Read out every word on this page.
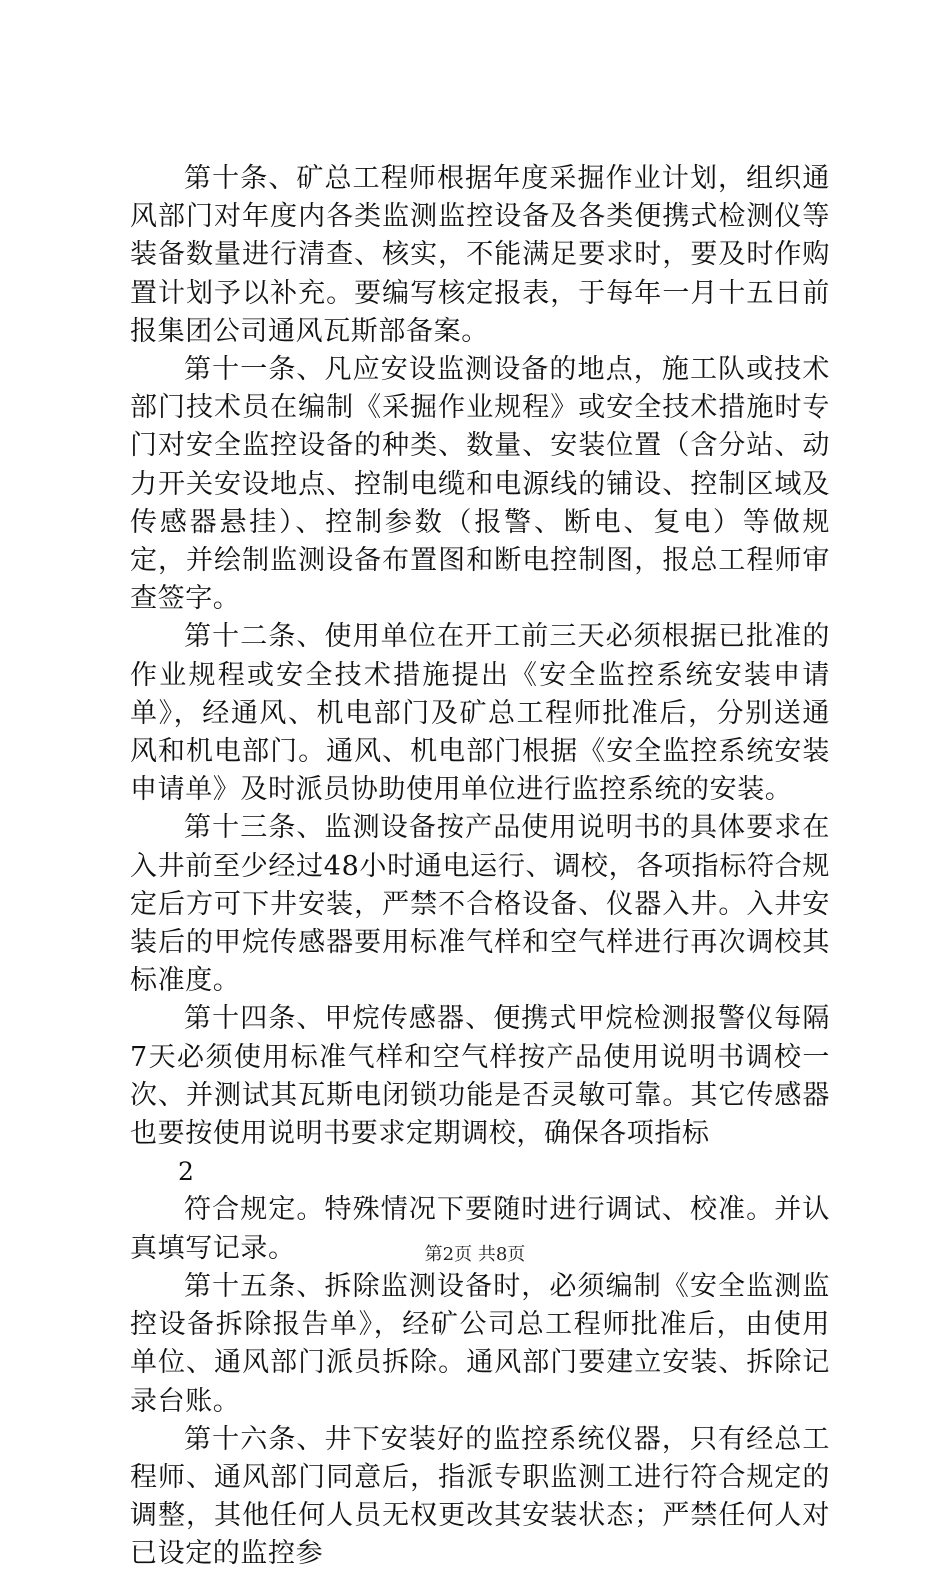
第十条、矿总工程师根据年度采掘作业计划，组织通风部门对年度内各类监测监控设备及各类便携式检测仪等装备数量进行清查、核实，不能满足要求时，要及时作购置计划予以补充。要编写核定报表，于每年一月十五日前报集团公司通风瓦斯部备案。

第十一条、凡应安设监测设备的地点，施工队或技术部门技术员在编制《采掘作业规程》或安全技术措施时专门对安全监控设备的种类、数量、安装位置（含分站、动力开关安设地点、控制电缆和电源线的铺设、控制区域及传感器悬挂）、控制参数（报警、断电、复电）等做规定，并绘制监测设备布置图和断电控制图，报总工程师审查签字。

第十二条、使用单位在开工前三天必须根据已批准的作业规程或安全技术措施提出《安全监控系统安装申请单》，经通风、机电部门及矿总工程师批准后，分别送通风和机电部门。通风、机电部门根据《安全监控系统安装申请单》及时派员协助使用单位进行监控系统的安装。

第十三条、监测设备按产品使用说明书的具体要求在入井前至少经过48小时通电运行、调校，各项指标符合规定后方可下井安装，严禁不合格设备、仪器入井。入井安装后的甲烷传感器要用标准气样和空气样进行再次调校其标准度。

第十四条、甲烷传感器、便携式甲烷检测报警仪每隔7天必须使用标准气样和空气样按产品使用说明书调校一次、并测试其瓦斯电闭锁功能是否灵敏可靠。其它传感器也要按使用说明书要求定期调校，确保各项指标

2

符合规定。特殊情况下要随时进行调试、校准。并认真填写记录。

第十五条、拆除监测设备时，必须编制《安全监测监控设备拆除报告单》，经矿公司总工程师批准后，由使用单位、通风部门派员拆除。通风部门要建立安装、拆除记录台账。

第十六条、井下安装好的监控系统仪器，只有经总工程师、通风部门同意后，指派专职监测工进行符合规定的调整，其他任何人员无权更改其安装状态；严禁任何人对已设定的监控参

第2页 共8页
